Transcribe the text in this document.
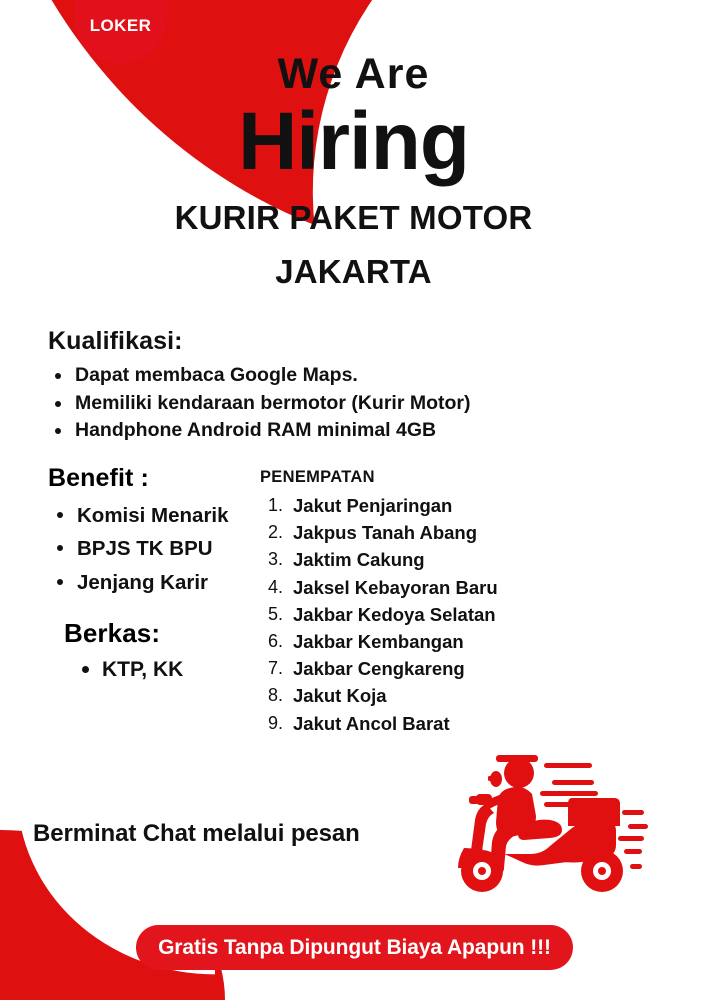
LOKER
We Are
Hiring
KURIR PAKET MOTOR
JAKARTA
Kualifikasi:
Dapat membaca Google Maps.
Memiliki kendaraan bermotor (Kurir Motor)
Handphone Android RAM minimal 4GB
Benefit :
Komisi Menarik
BPJS TK BPU
Jenjang Karir
Berkas:
KTP, KK
PENEMPATAN
Jakut Penjaringan
Jakpus Tanah Abang
Jaktim Cakung
Jaksel Kebayoran Baru
Jakbar Kedoya Selatan
Jakbar Kembangan
Jakbar Cengkareng
Jakut Koja
Jakut Ancol Barat
Berminat Chat melalui pesan
Gratis Tanpa Dipungut Biaya Apapun !!!
